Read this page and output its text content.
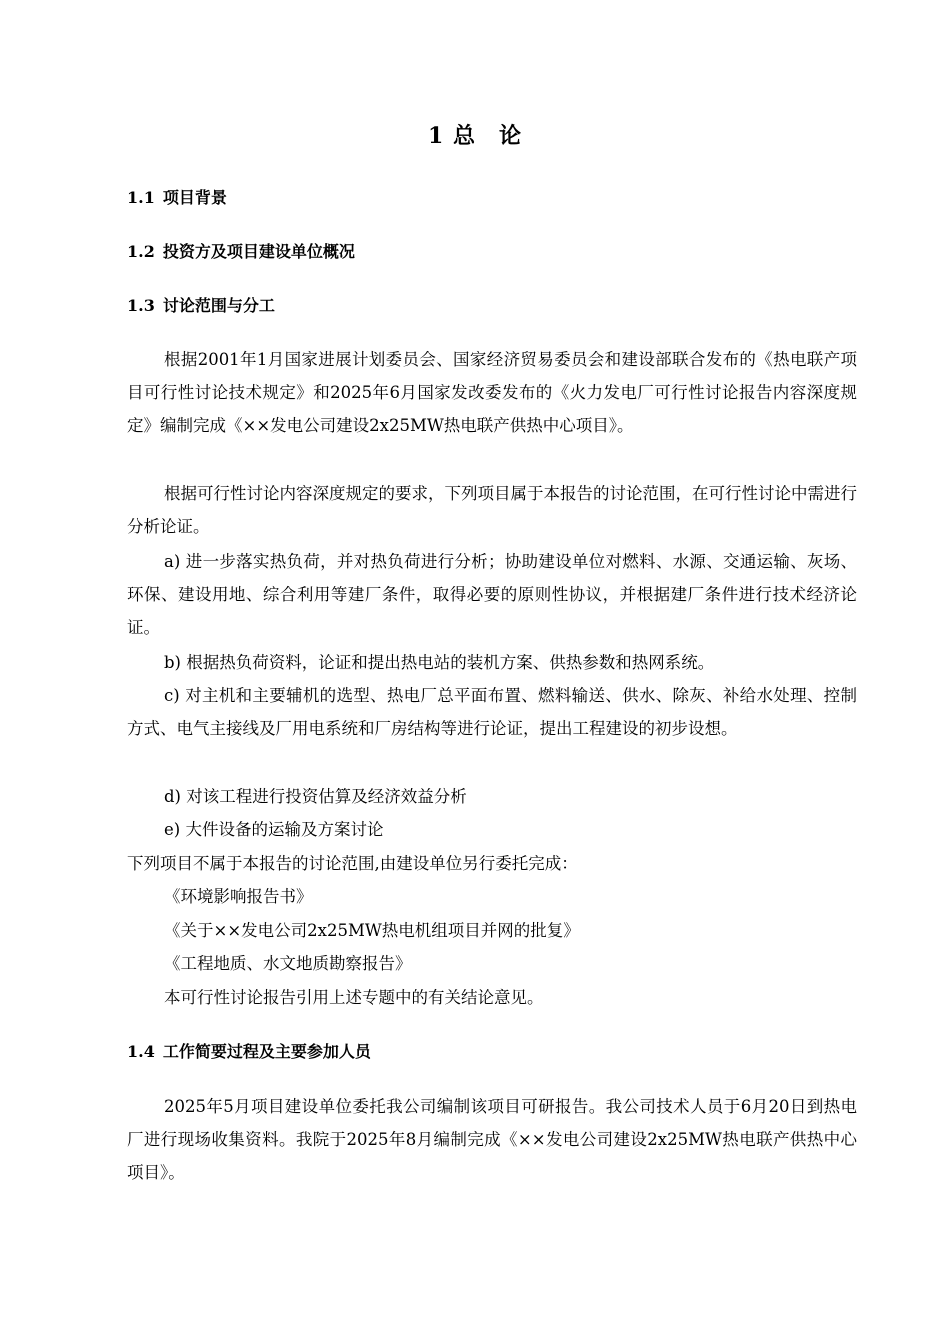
1 总　论
1.1 项目背景
1.2 投资方及项目建设单位概况
1.3 讨论范围与分工
根据2001年1月国家进展计划委员会、国家经济贸易委员会和建设部联合发布的《热电联产项目可行性讨论技术规定》和2025年6月国家发改委发布的《火力发电厂可行性讨论报告内容深度规定》编制完成《××发电公司建设2x25MW热电联产供热中心项目》。
根据可行性讨论内容深度规定的要求，下列项目属于本报告的讨论范围，在可行性讨论中需进行分析论证。
a) 进一步落实热负荷，并对热负荷进行分析；协助建设单位对燃料、水源、交通运输、灰场、环保、建设用地、综合利用等建厂条件，取得必要的原则性协议，并根据建厂条件进行技术经济论证。
b) 根据热负荷资料，论证和提出热电站的装机方案、供热参数和热网系统。
c) 对主机和主要辅机的选型、热电厂总平面布置、燃料输送、供水、除灰、补给水处理、控制方式、电气主接线及厂用电系统和厂房结构等进行论证，提出工程建设的初步设想。
d) 对该工程进行投资估算及经济效益分析
e) 大件设备的运输及方案讨论
下列项目不属于本报告的讨论范围,由建设单位另行委托完成：
《环境影响报告书》
《关于××发电公司2x25MW热电机组项目并网的批复》
《工程地质、水文地质勘察报告》
本可行性讨论报告引用上述专题中的有关结论意见。
1.4 工作简要过程及主要参加人员
2025年5月项目建设单位委托我公司编制该项目可研报告。我公司技术人员于6月20日到热电厂进行现场收集资料。我院于2025年8月编制完成《××发电公司建设2x25MW热电联产供热中心项目》。
